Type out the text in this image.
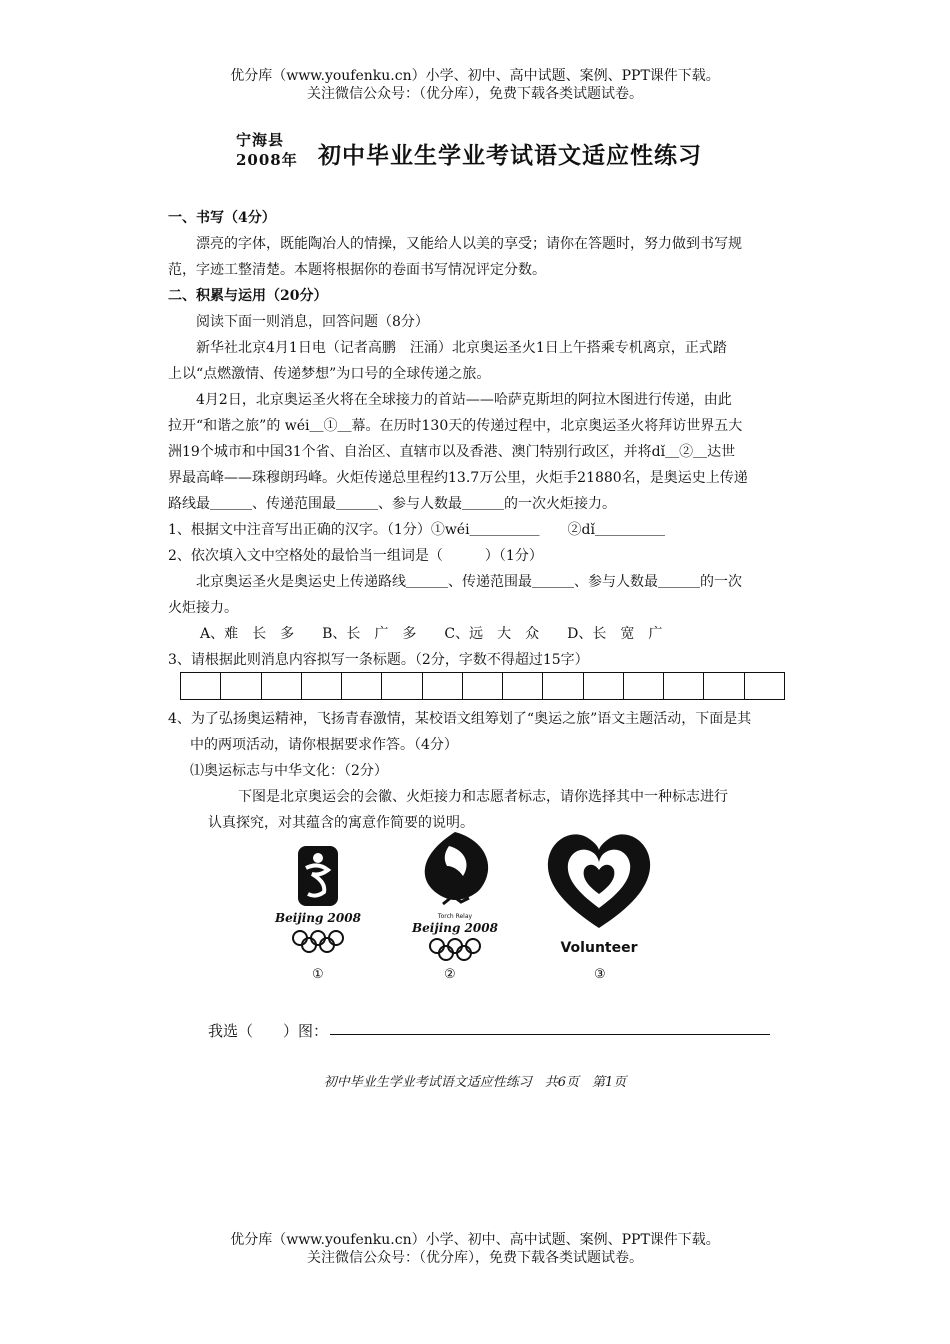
优分库（www.youfenku.cn）小学、初中、高中试题、案例、PPT课件下载。
关注微信公众号：（优分库），免费下载各类试题试卷。
宁海县
2008年 初中毕业生学业考试语文适应性练习
一、书写（4分）
漂亮的字体，既能陶冶人的情操，又能给人以美的享受；请你在答题时，努力做到书写规
范，字迹工整清楚。本题将根据你的卷面书写情况评定分数。
二、积累与运用（20分）
阅读下面一则消息，回答问题（8分）
新华社北京4月1日电（记者高鹏　汪涌）北京奥运圣火1日上午搭乘专机离京，正式踏
上以“点燃激情、传递梦想”为口号的全球传递之旅。
4月2日，北京奥运圣火将在全球接力的首站——哈萨克斯坦的阿拉木图进行传递，由此
拉开“和谐之旅”的 wéi＿①＿幕。在历时130天的传递过程中，北京奥运圣火将拜访世界五大
洲19个城市和中国31个省、自治区、直辖市以及香港、澳门特别行政区，并将dǐ＿②＿达世
界最高峰——珠穆朗玛峰。火炬传递总里程约13.7万公里，火炬手21880名，是奥运史上传递
路线最＿＿＿、传递范围最＿＿＿、参与人数最＿＿＿的一次火炬接力。
1、根据文中注音写出正确的汉字。（1分）①wéi＿＿＿＿＿　　②dǐ＿＿＿＿＿
2、依次填入文中空格处的最恰当一组词是（　　　）（1分）
北京奥运圣火是奥运史上传递路线＿＿＿、传递范围最＿＿＿、参与人数最＿＿＿的一次
火炬接力。
A、难　长　多　　B、长　广　多　　C、远　大　众　　D、长　宽　广
3、请根据此则消息内容拟写一条标题。（2分，字数不得超过15字）
4、为了弘扬奥运精神，飞扬青春激情，某校语文组筹划了“奥运之旅”语文主题活动，下面是其
中的两项活动，请你根据要求作答。（4分）
⑴奥运标志与中华文化：（2分）
下图是北京奥运会的会徽、火炬接力和志愿者标志，请你选择其中一种标志进行
认真探究，对其蕴含的寓意作简要的说明。
Beijing 2008	Torch Relay
Beijing 2008
Volunteer
①	②	③
我选（　　）图：
初中毕业生学业考试语文适应性练习　共6页　第1页
优分库（www.youfenku.cn）小学、初中、高中试题、案例、PPT课件下载。
关注微信公众号：（优分库），免费下载各类试题试卷。
